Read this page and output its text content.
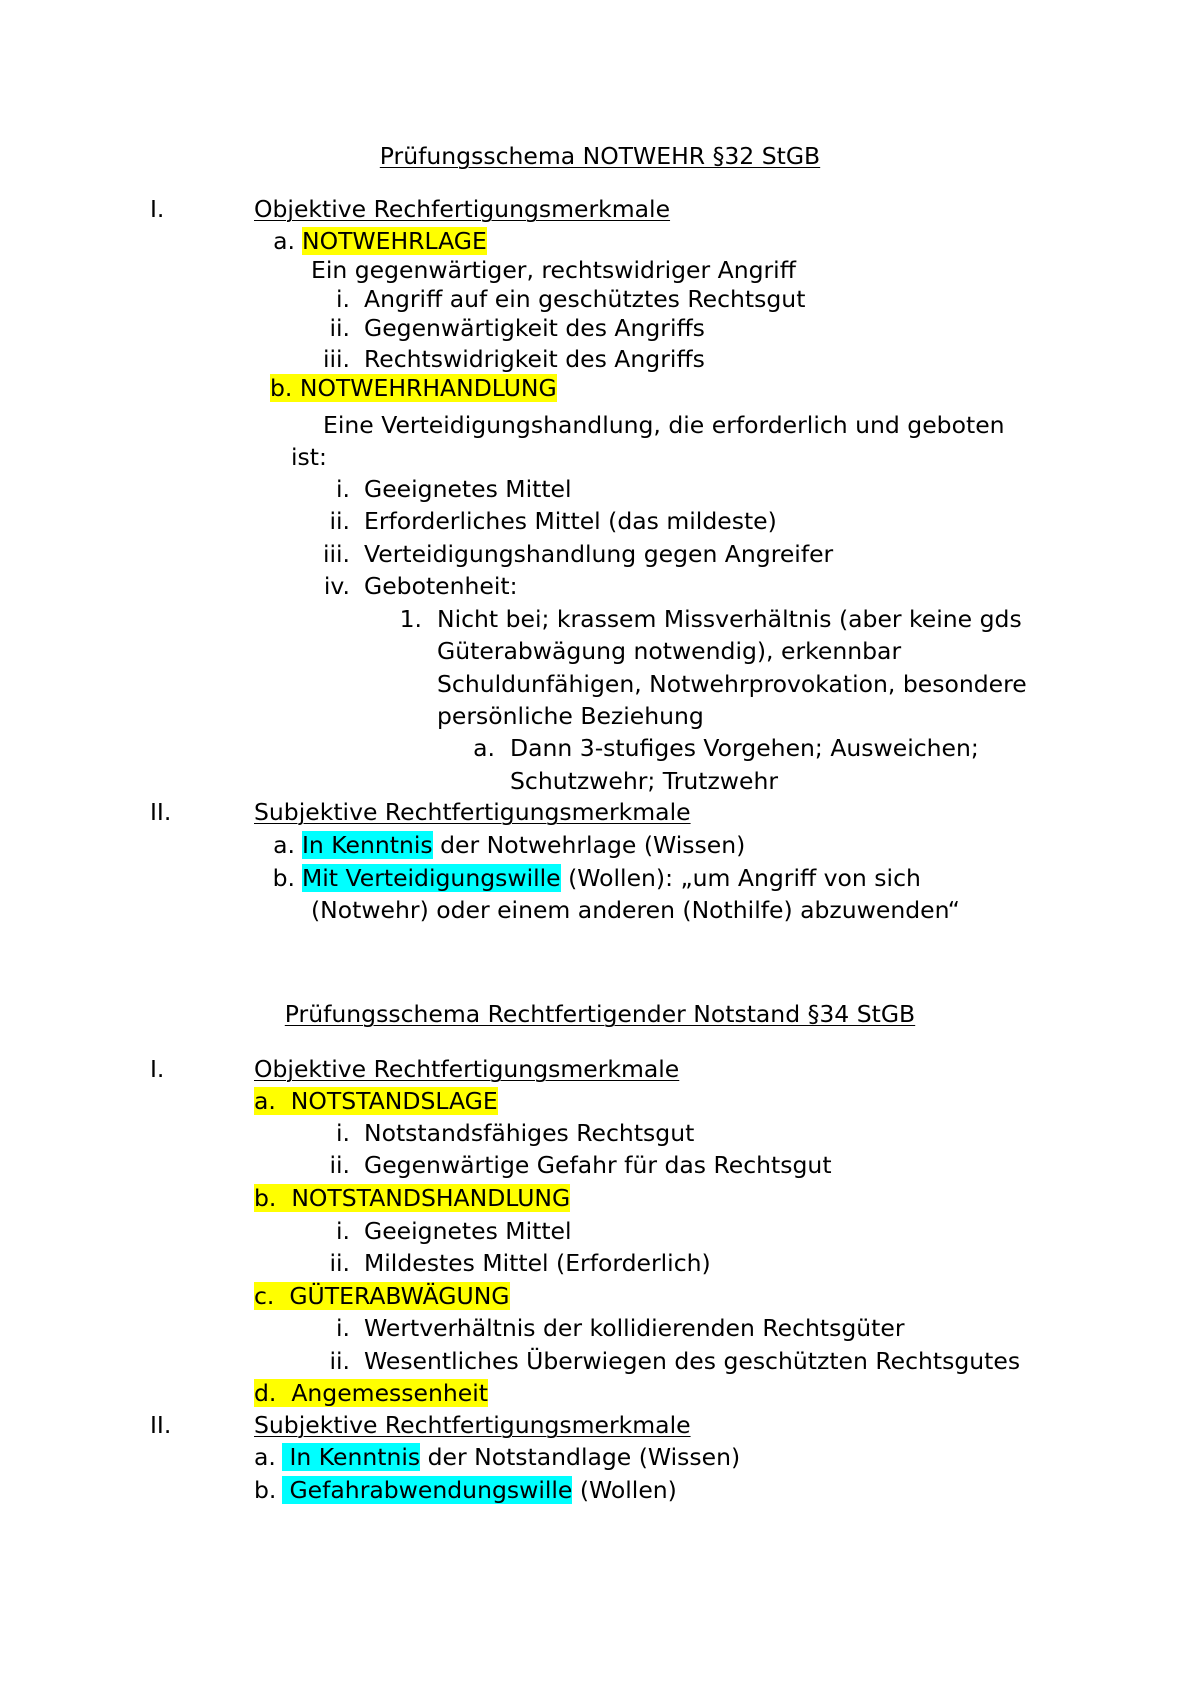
Prüfungsschema NOTWEHR §32 StGB
I.	Objektive Rechfertigungsmerkmale
a. NOTWEHRLAGE
Ein gegenwärtiger, rechtswidriger Angriff
i. Angriff auf ein geschütztes Rechtsgut
ii. Gegenwärtigkeit des Angriffs
iii. Rechtswidrigkeit des Angriffs
b. NOTWEHRHANDLUNG
Eine Verteidigungshandlung, die erforderlich und geboten
ist:
i. Geeignetes Mittel
ii. Erforderliches Mittel (das mildeste)
iii. Verteidigungshandlung gegen Angreifer
iv. Gebotenheit:
1. Nicht bei; krassem Missverhältnis (aber keine gds
Güterabwägung notwendig), erkennbar
Schuldunfähigen, Notwehrprovokation, besondere
persönliche Beziehung
a. Dann 3-stufiges Vorgehen; Ausweichen;
Schutzwehr; Trutzwehr
II.	Subjektive Rechtfertigungsmerkmale
a. In Kenntnis der Notwehrlage (Wissen)
b. Mit Verteidigungswille (Wollen): „um Angriff von sich
(Notwehr) oder einem anderen (Nothilfe) abzuwenden“
Prüfungsschema Rechtfertigender Notstand §34 StGB
I.	Objektive Rechtfertigungsmerkmale
a.  NOTSTANDSLAGE
i. Notstandsfähiges Rechtsgut
ii. Gegenwärtige Gefahr für das Rechtsgut
b.  NOTSTANDSHANDLUNG
i. Geeignetes Mittel
ii. Mildestes Mittel (Erforderlich)
c.  GÜTERABWÄGUNG
i. Wertverhältnis der kollidierenden Rechtsgüter
ii. Wesentliches Überwiegen des geschützten Rechtsgutes
d.  Angemessenheit
II.	Subjektive Rechtfertigungsmerkmale
a. In Kenntnis der Notstandlage (Wissen)
b. Gefahrabwendungswille (Wollen)
